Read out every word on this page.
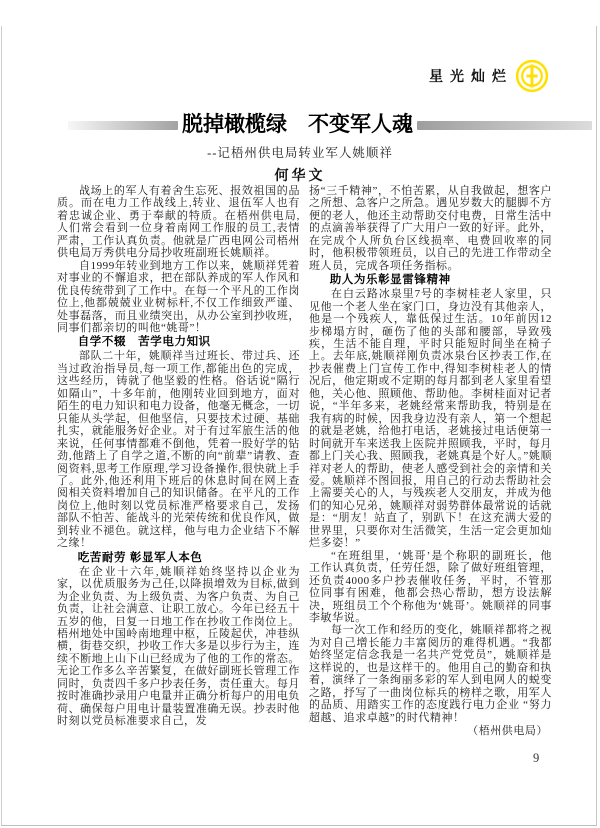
星光灿烂
脱掉橄榄绿　不变军人魂
--记梧州供电局转业军人姚顺祥
何华文

战场上的军人有着舍生忘死、报效祖国的品质。而在电力工作战线上,转业、退伍军人也有着忠诚企业、勇于奉献的特质。在梧州供电局,人们常会看到一位身着南网工作服的员工,表情严肃，工作认真负责。他就是广西电网公司梧州供电局万秀供电分局抄收班副班长姚顺祥。

自1999年转业到地方工作以来，姚顺祥凭着对事业的不懈追求，把在部队养成的军人作风和优良传统带到了工作中。在每一个平凡的工作岗位上,他都兢兢业业树标杆,不仅工作细致严谨、处事磊落，而且业绩突出，从办公室到抄收班，同事们都亲切的叫他“姚哥”！

自学不辍　苦学电力知识

部队二十年，姚顺祥当过班长、带过兵、还当过政治指导员,每一项工作,都能出色的完成，这些经历，铸就了他坚毅的性格。俗话说“隔行如隔山”，十多年前，他刚转业回到地方，面对陌生的电力知识和电力设备，他毫无概念，一切只能从头学起，但他坚信，只要技术过硬、基础扎实，就能服务好企业。对于有过军旅生活的他来说，任何事情都难不倒他，凭着一股好学的钻劲,他踏上了自学之道,不断的向“前辈”请教、查阅资料,思考工作原理,学习设备操作,很快就上手了。此外,他还利用下班后的休息时间在网上查阅相关资料增加自己的知识储备。在平凡的工作岗位上,他时刻以党员标准严格要求自己，发扬部队不怕苦、能战斗的光荣传统和优良作风，做到转业不褪色。就这样，他与电力企业结下不解之缘！

吃苦耐劳 彰显军人本色

在企业十六年,姚顺祥始终坚持以企业为家，以优质服务为己任,以降损增效为目标,做到为企业负责、为上级负责、为客户负责、为自己负责，让社会满意、让职工放心。今年已经五十五岁的他，日复一日地工作在抄收工作岗位上。梧州地处中国岭南地理中枢，丘陵起伏，冲巷纵横，街巷交织，抄收工作大多是以步行为主，连续不断地上山下山已经成为了他的工作的常态。无论工作多么辛苦繁复，在做好副班长管理工作同时，负责四千多户抄表任务，责任重大。每月按时准确抄录用户电量并正确分析每户的用电负荷、确保每户用电计量装置准确无误。抄表时他时刻以党员标准要求自己，发

扬“三千精神”，不怕苦累，从自我做起，想客户之所想、急客户之所急。遇见岁数大的腿脚不方便的老人，他还主动帮助交付电费，日常生活中的点滴善举获得了广大用户一致的好评。此外，在完成个人所负台区线损率、电费回收率的同时，他积极带领班员，以自己的先进工作带动全班人员，完成各项任务指标。

助人为乐彰显雷锋精神

在白云路冰泉里7号的李树桂老人家里，只见他一个老人坐在家门口，身边没有其他亲人，他是一个残疾人，靠低保过生活。10年前因12步梯塌方时，砸伤了他的头部和腰部，导致残疾，生活不能自理，平时只能短时间坐在椅子上。去年底,姚顺祥刚负责冰泉台区抄表工作,在抄表催费上门宣传工作中,得知李树桂老人的情况后，他定期或不定期的每月都到老人家里看望他，关心他、照顾他、帮助他。李树桂面对记者说，“半年多来，老姚经常来帮助我，特别是在我有病的时候，因我身边没有亲人，第一个想起的就是老姚，给他打电话，老姚接过电话便第一时间就开车来送我上医院并照顾我，平时，每月都上门关心我、照顾我，老姚真是个好人。”姚顺祥对老人的帮助，使老人感受到社会的亲情和关爱。姚顺祥不图回报，用自己的行动去帮助社会上需要关心的人，与残疾老人交朋友，并成为他们的知心兄弟，姚顺祥对弱势群体最常说的话就是：“朋友！站直了，别趴下！在这充满大爱的世界里，只要你对生活微笑，生活一定会更加灿烂多姿！”

“在班组里，‘姚哥’是个称职的副班长，他工作认真负责，任劳任怨，除了做好班组管理，还负责4000多户抄表催收任务，平时，不管那位同事有困难，他都会热心帮助，想方设法解决，班组员工个个称他为‘姚哥’。姚顺祥的同事李敏华说。

每一次工作和经历的变化，姚顺祥都将之视为对自己增长能力丰富阅历的难得机遇。“我都始终坚定信念我是一名共产党党员”，姚顺祥是这样说的，也是这样干的。他用自己的勤奋和执着，演绎了一条绚丽多彩的军人到电网人的蜕变之路，抒写了一曲岗位标兵的榜样之歌，用军人的品质、用踏实工作的态度践行电力企业 “努力超越、追求卓越”的时代精神！

（梧州供电局）

9
